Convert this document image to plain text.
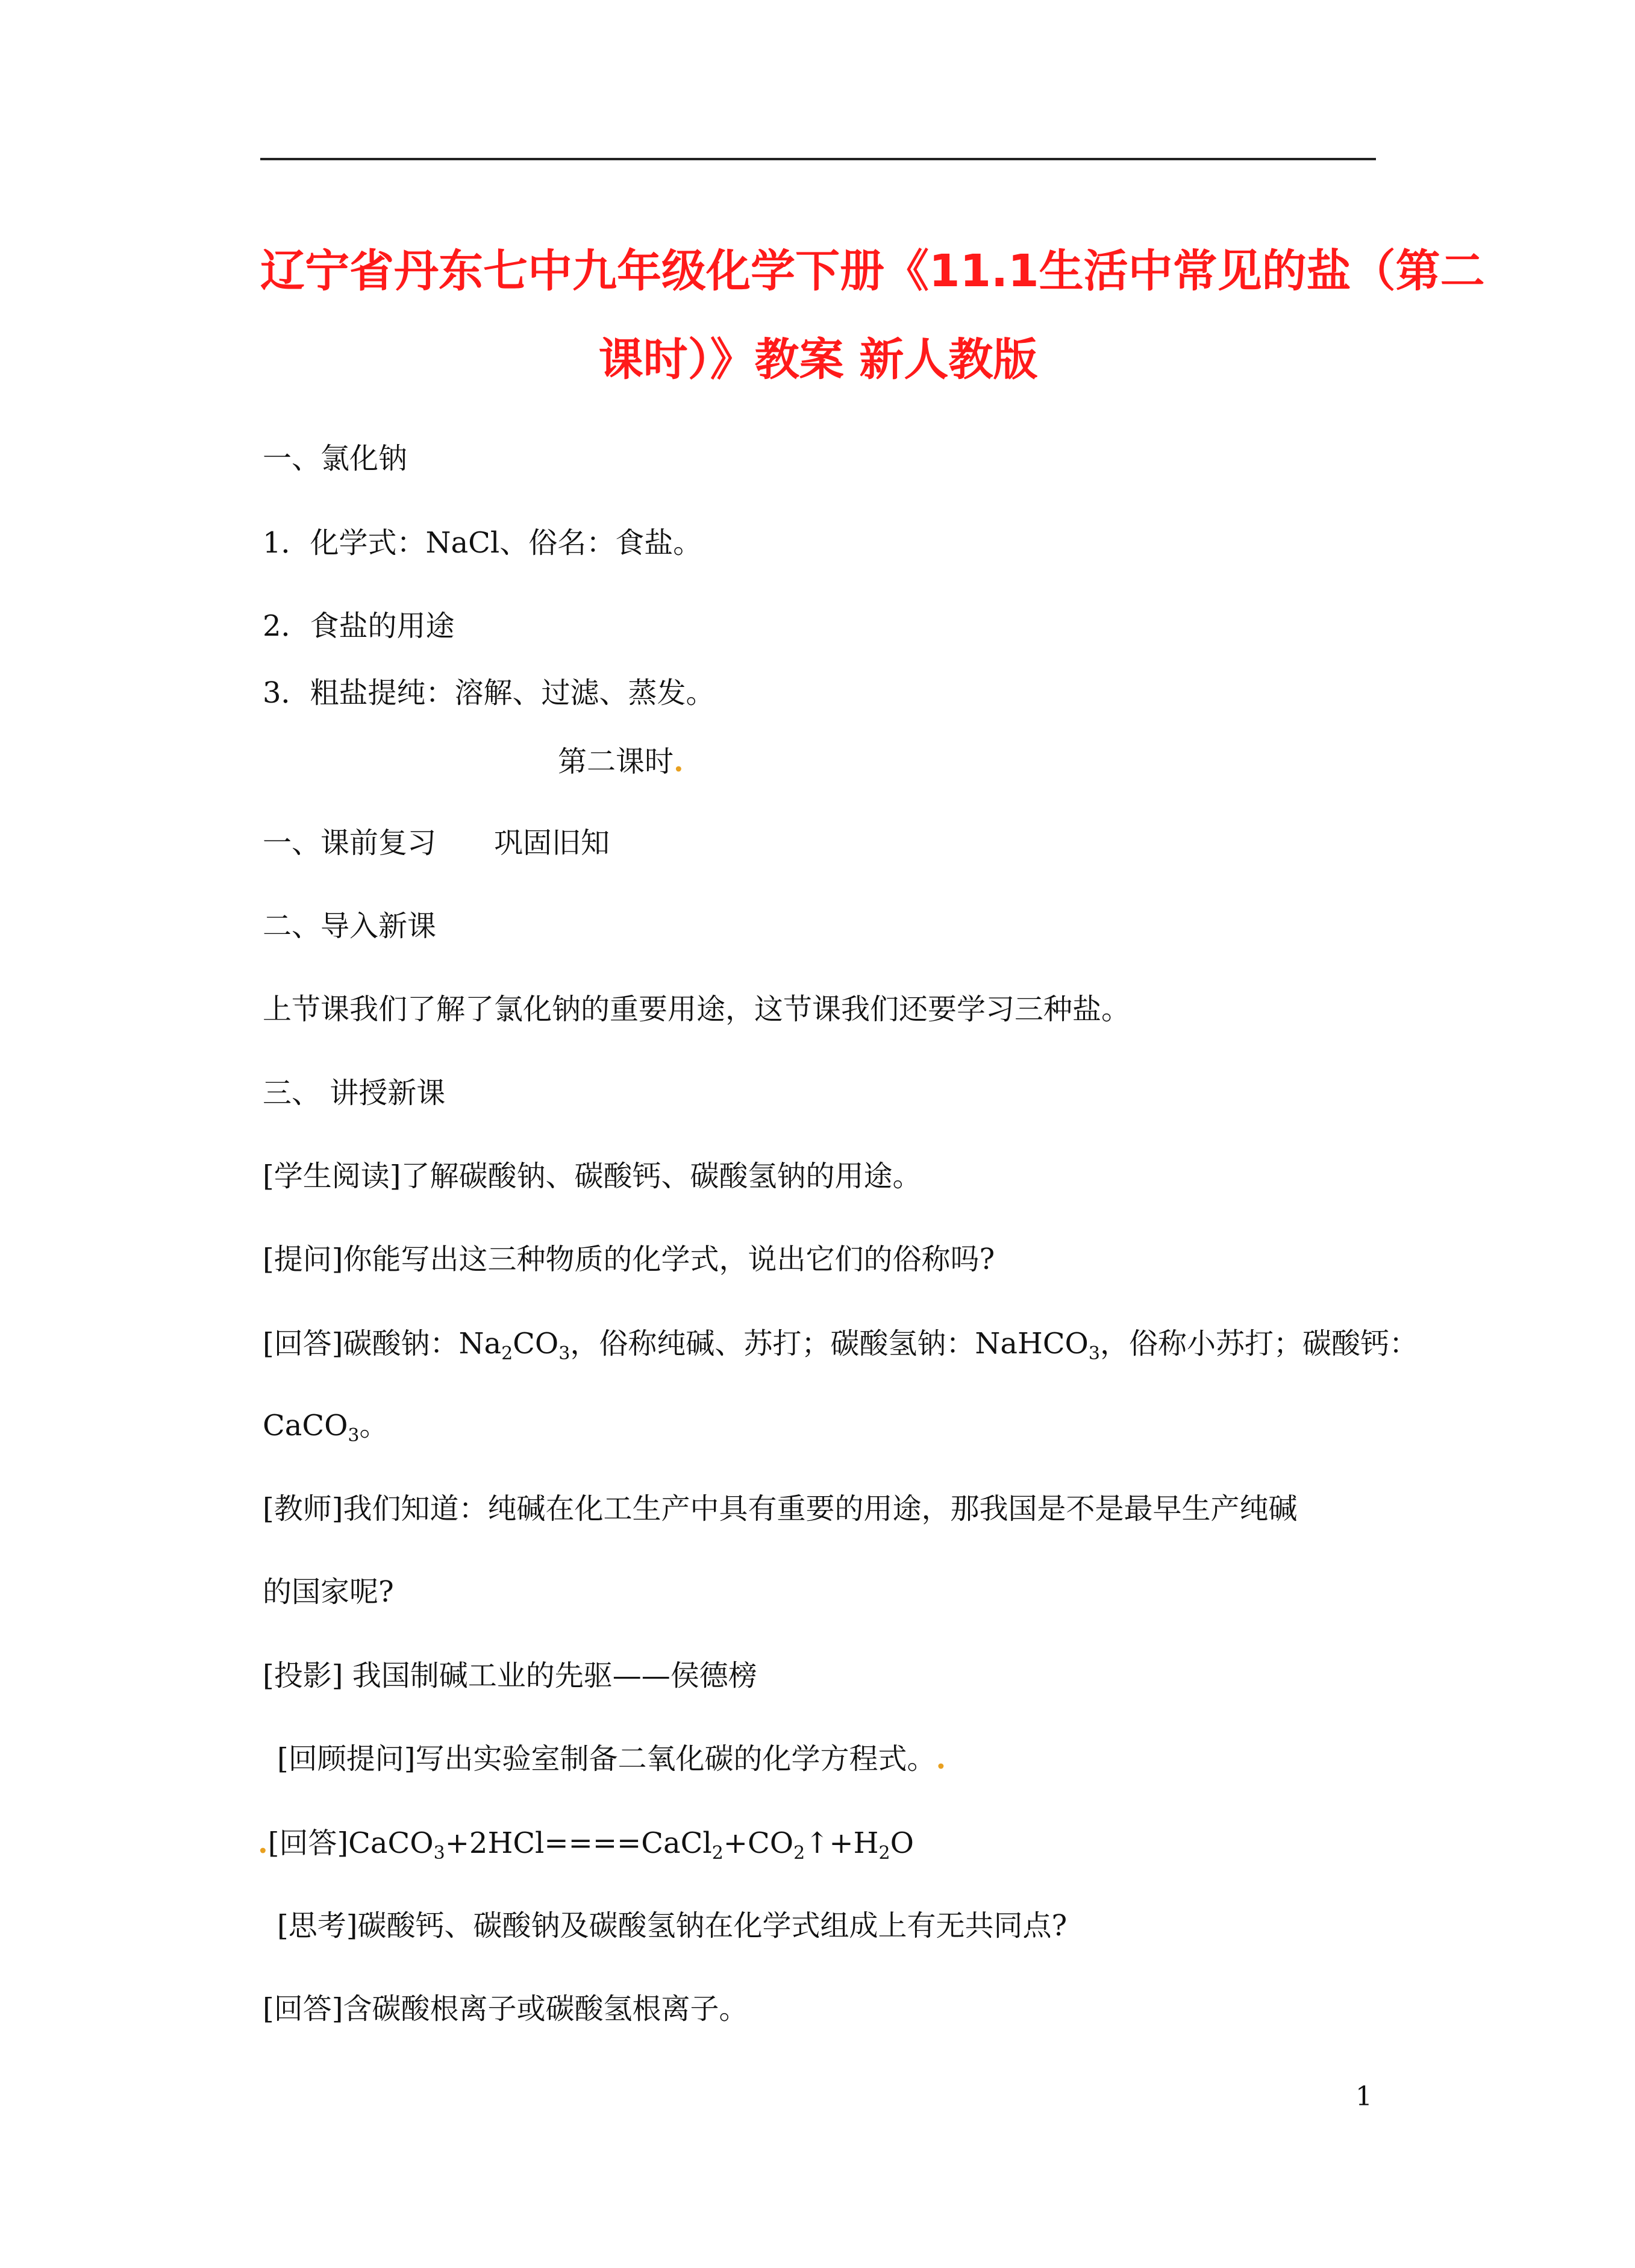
辽宁省丹东七中九年级化学下册《11.1生活中常见的盐（第二
课时）》教案 新人教版
一、氯化钠
1．化学式：NaCl、俗名：食盐。
2．食盐的用途
3．粗盐提纯：溶解、过滤、蒸发。
第二课时.
一、课前复习　　巩固旧知
二、导入新课
上节课我们了解了氯化钠的重要用途，这节课我们还要学习三种盐。
三、 讲授新课
[学生阅读]了解碳酸钠、碳酸钙、碳酸氢钠的用途。
[提问]你能写出这三种物质的化学式，说出它们的俗称吗?
[回答]碳酸钠：$Na_2CO_3$，俗称纯碱、苏打；碳酸氢钠：NaHCO$_3$，俗称小苏打；碳酸钙：
CaCO$_3$。
[教师]我们知道：纯碱在化工生产中具有重要的用途，那我国是不是最早生产纯碱
的国家呢?
[投影] 我国制碱工业的先驱——侯德榜
[回顾提问]写出实验室制备二氧化碳的化学方程式。.
.[回答]$CaCO_3+2HCl====CaCl_2+CO_2↑+H_2O$
[思考]碳酸钙、碳酸钠及碳酸氢钠在化学式组成上有无共同点?
[回答]含碳酸根离子或碳酸氢根离子。
1
